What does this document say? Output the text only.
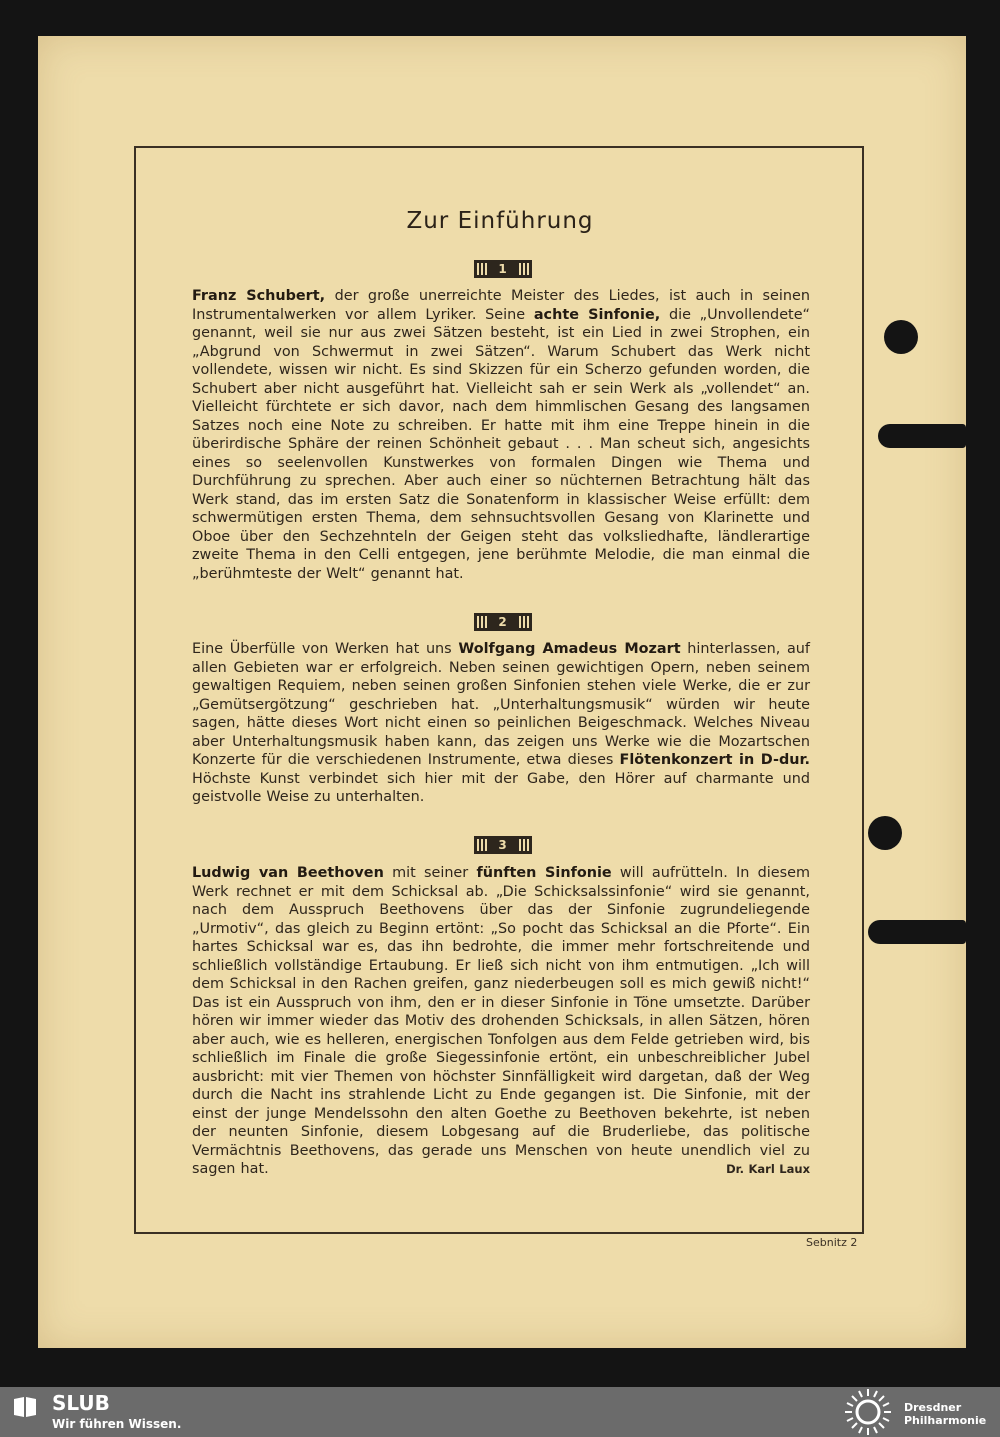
Zur Einführung
1
Franz Schubert, der große unerreichte Meister des Liedes, ist auch in seinen Instrumentalwerken vor allem Lyriker. Seine achte Sinfonie, die „Unvollendete“ genannt, weil sie nur aus zwei Sätzen besteht, ist ein Lied in zwei Strophen, ein „Abgrund von Schwermut in zwei Sätzen“. Warum Schubert das Werk nicht vollendete, wissen wir nicht. Es sind Skizzen für ein Scherzo gefunden worden, die Schubert aber nicht ausgeführt hat. Vielleicht sah er sein Werk als „vollendet“ an. Vielleicht fürchtete er sich davor, nach dem himmlischen Gesang des langsamen Satzes noch eine Note zu schreiben. Er hatte mit ihm eine Treppe hinein in die überirdische Sphäre der reinen Schönheit gebaut . . . Man scheut sich, angesichts eines so seelenvollen Kunstwerkes von formalen Dingen wie Thema und Durchführung zu sprechen. Aber auch einer so nüchternen Betrachtung hält das Werk stand, das im ersten Satz die Sonatenform in klassischer Weise erfüllt: dem schwermütigen ersten Thema, dem sehnsuchtsvollen Gesang von Klarinette und Oboe über den Sechzehnteln der Geigen steht das volksliedhafte, ländlerartige zweite Thema in den Celli entgegen, jene berühmte Melodie, die man einmal die „berühmteste der Welt“ genannt hat.
2
Eine Überfülle von Werken hat uns Wolfgang Amadeus Mozart hinterlassen, auf allen Gebieten war er erfolgreich. Neben seinen gewichtigen Opern, neben seinem gewaltigen Requiem, neben seinen großen Sinfonien stehen viele Werke, die er zur „Gemütsergötzung“ geschrieben hat. „Unterhaltungsmusik“ würden wir heute sagen, hätte dieses Wort nicht einen so peinlichen Beigeschmack. Welches Niveau aber Unterhaltungsmusik haben kann, das zeigen uns Werke wie die Mozartschen Konzerte für die verschiedenen Instrumente, etwa dieses Flötenkonzert in D-dur. Höchste Kunst verbindet sich hier mit der Gabe, den Hörer auf charmante und geistvolle Weise zu unterhalten.
3
Ludwig van Beethoven mit seiner fünften Sinfonie will aufrütteln. In diesem Werk rechnet er mit dem Schicksal ab. „Die Schicksalssinfonie“ wird sie genannt, nach dem Ausspruch Beethovens über das der Sinfonie zugrundeliegende „Urmotiv“, das gleich zu Beginn ertönt: „So pocht das Schicksal an die Pforte“. Ein hartes Schicksal war es, das ihn bedrohte, die immer mehr fortschreitende und schließlich vollständige Ertaubung. Er ließ sich nicht von ihm entmutigen. „Ich will dem Schicksal in den Rachen greifen, ganz niederbeugen soll es mich gewiß nicht!“ Das ist ein Ausspruch von ihm, den er in dieser Sinfonie in Töne umsetzte. Darüber hören wir immer wieder das Motiv des drohenden Schicksals, in allen Sätzen, hören aber auch, wie es helleren, energischen Tonfolgen aus dem Felde getrieben wird, bis schließlich im Finale die große Siegessinfonie ertönt, ein unbeschreiblicher Jubel ausbricht: mit vier Themen von höchster Sinnfälligkeit wird dargetan, daß der Weg durch die Nacht ins strahlende Licht zu Ende gegangen ist. Die Sinfonie, mit der einst der junge Mendelssohn den alten Goethe zu Beethoven bekehrte, ist neben der neunten Sinfonie, diesem Lobgesang auf die Bruderliebe, das politische Vermächtnis Beethovens, das gerade uns Menschen von heute unendlich viel zu sagen hat.	Dr. Karl Laux
Sebnitz 2
SLUB
Wir führen Wissen.
Dresdner
Philharmonie
